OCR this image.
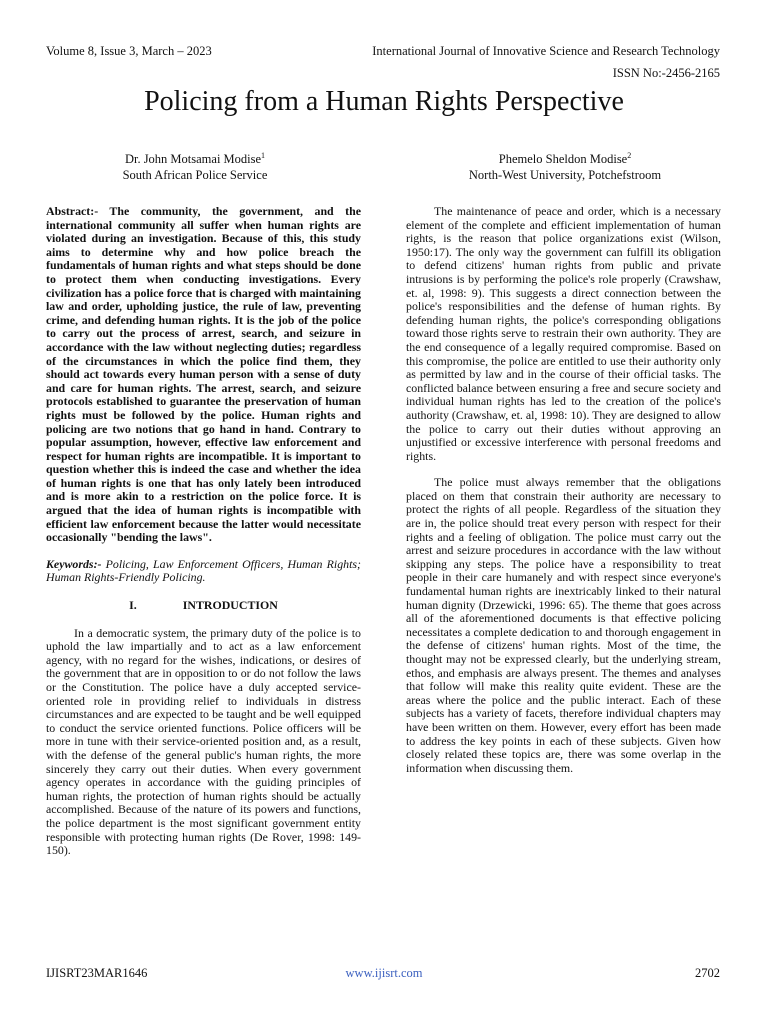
Volume 8, Issue 3, March – 2023	International Journal of Innovative Science and Research Technology
ISSN No:-2456-2165
Policing from a Human Rights Perspective
Dr. John Motsamai Modise$^1$
South African Police Service
Phemelo Sheldon Modise$^2$
North-West University, Potchefstroom

Abstract:- The community, the government, and the international community all suffer when human rights are violated during an investigation. Because of this, this study aims to determine why and how police breach the fundamentals of human rights and what steps should be done to protect them when conducting investigations. Every civilization has a police force that is charged with maintaining law and order, upholding justice, the rule of law, preventing crime, and defending human rights. It is the job of the police to carry out the process of arrest, search, and seizure in accordance with the law without neglecting duties; regardless of the circumstances in which the police find them, they should act towards every human person with a sense of duty and care for human rights. The arrest, search, and seizure protocols established to guarantee the preservation of human rights must be followed by the police. Human rights and policing are two notions that go hand in hand. Contrary to popular assumption, however, effective law enforcement and respect for human rights are incompatible. It is important to question whether this is indeed the case and whether the idea of human rights is one that has only lately been introduced and is more akin to a restriction on the police force. It is argued that the idea of human rights is incompatible with efficient law enforcement because the latter would necessitate occasionally "bending the laws".

Keywords:- Policing, Law Enforcement Officers, Human Rights; Human Rights-Friendly Policing.

I.	INTRODUCTION

In a democratic system, the primary duty of the police is to uphold the law impartially and to act as a law enforcement agency, with no regard for the wishes, indications, or desires of the government that are in opposition to or do not follow the laws or the Constitution. The police have a duly accepted service-oriented role in providing relief to individuals in distress circumstances and are expected to be taught and be well equipped to conduct the service oriented functions. Police officers will be more in tune with their service-oriented position and, as a result, with the defense of the general public's human rights, the more sincerely they carry out their duties. When every government agency operates in accordance with the guiding principles of human rights, the protection of human rights should be actually accomplished. Because of the nature of its powers and functions, the police department is the most significant government entity responsible with protecting human rights (De Rover, 1998: 149-150).

The maintenance of peace and order, which is a necessary element of the complete and efficient implementation of human rights, is the reason that police organizations exist (Wilson, 1950:17). The only way the government can fulfill its obligation to defend citizens' human rights from public and private intrusions is by performing the police's role properly (Crawshaw, et. al, 1998: 9). This suggests a direct connection between the police's responsibilities and the defense of human rights. By defending human rights, the police's corresponding obligations toward those rights serve to restrain their own authority. They are the end consequence of a legally required compromise. Based on this compromise, the police are entitled to use their authority only as permitted by law and in the course of their official tasks. The conflicted balance between ensuring a free and secure society and individual human rights has led to the creation of the police's authority (Crawshaw, et. al, 1998: 10). They are designed to allow the police to carry out their duties without approving an unjustified or excessive interference with personal freedoms and rights.

The police must always remember that the obligations placed on them that constrain their authority are necessary to protect the rights of all people. Regardless of the situation they are in, the police should treat every person with respect for their rights and a feeling of obligation. The police must carry out the arrest and seizure procedures in accordance with the law without skipping any steps. The police have a responsibility to treat people in their care humanely and with respect since everyone's fundamental human rights are inextricably linked to their natural human dignity (Drzewicki, 1996: 65). The theme that goes across all of the aforementioned documents is that effective policing necessitates a complete dedication to and thorough engagement in the defense of citizens' human rights. Most of the time, the thought may not be expressed clearly, but the underlying stream, ethos, and emphasis are always present. The themes and analyses that follow will make this reality quite evident. These are the areas where the police and the public interact. Each of these subjects has a variety of facets, therefore individual chapters may have been written on them. However, every effort has been made to address the key points in each of these subjects. Given how closely related these topics are, there was some overlap in the information when discussing them.

IJISRT23MAR1646	www.ijisrt.com	2702
